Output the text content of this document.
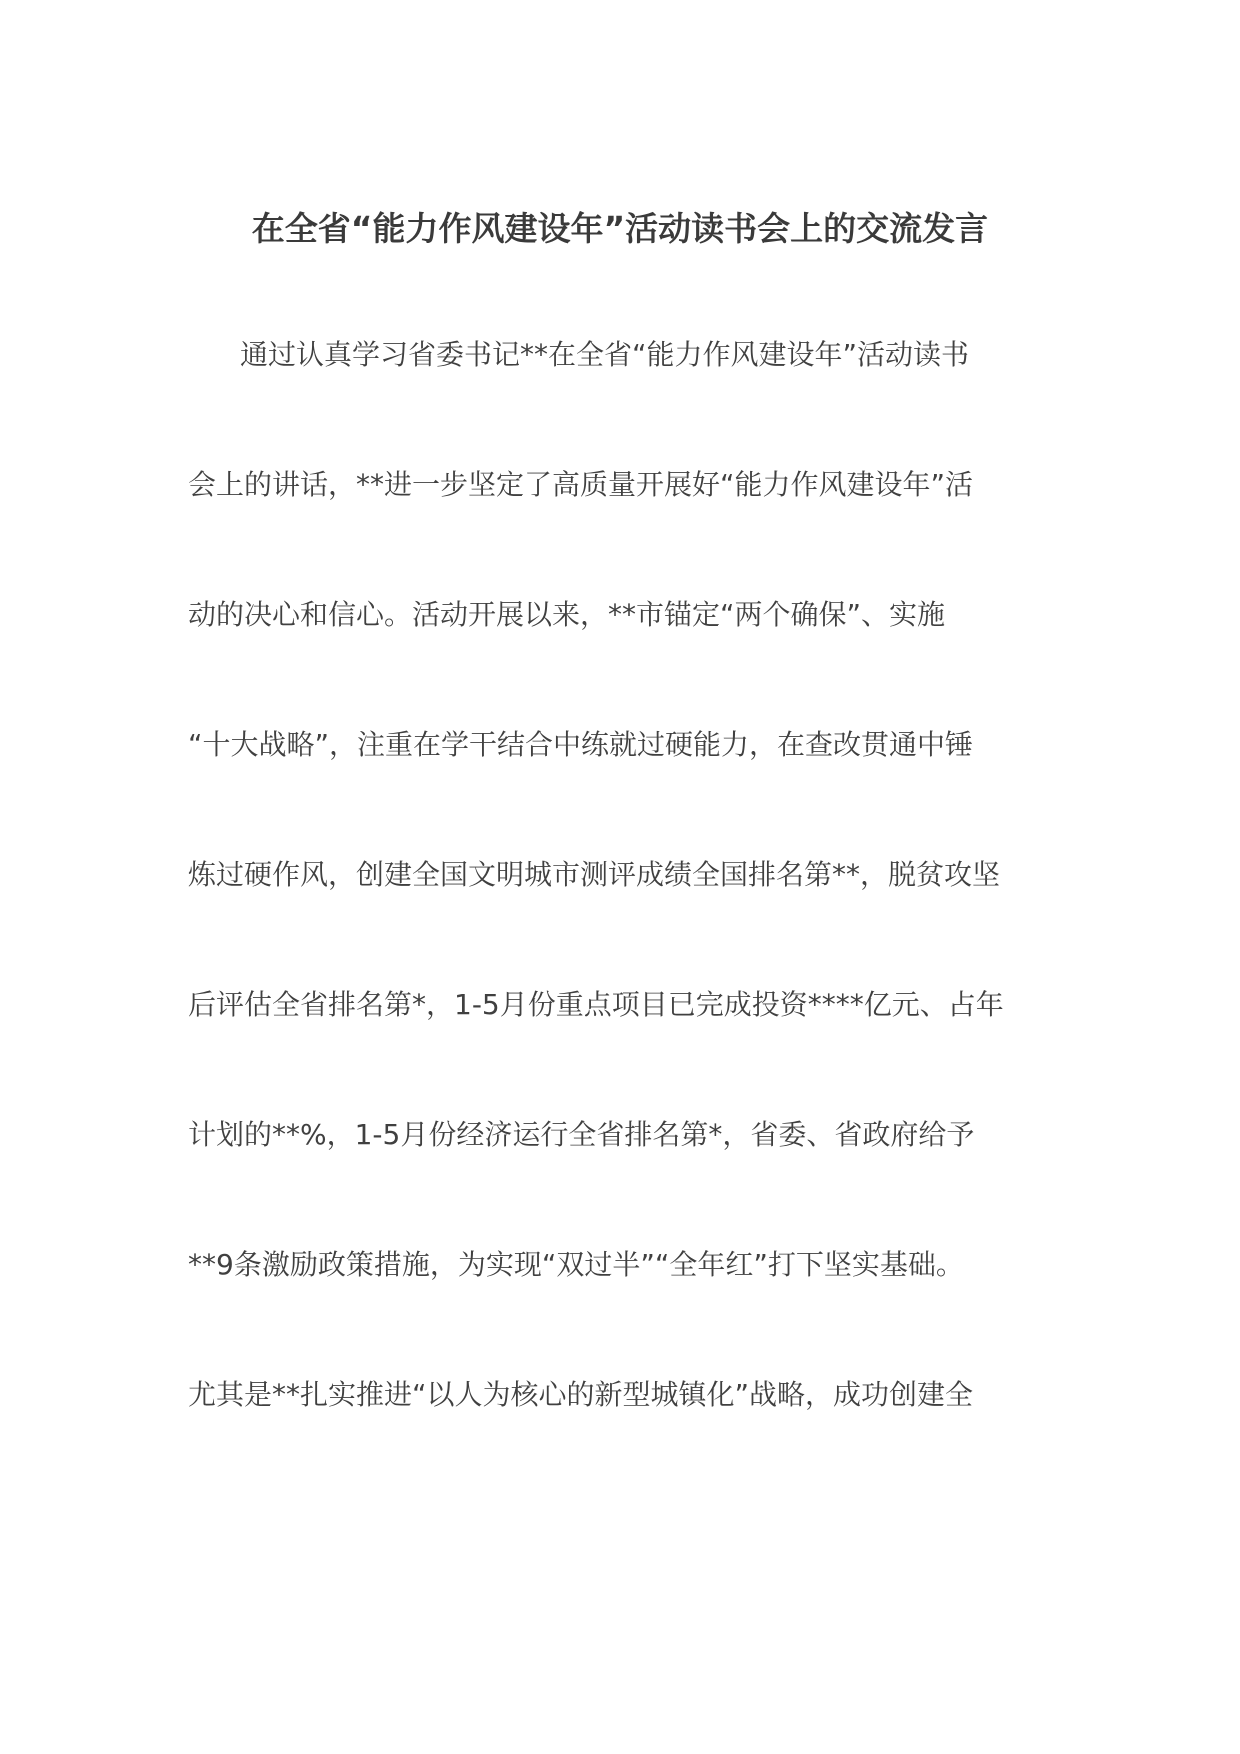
在全省“能力作风建设年”活动读书会上的交流发言
通过认真学习省委书记**在全省“能力作风建设年”活动读书
会上的讲话，**进一步坚定了高质量开展好“能力作风建设年”活
动的决心和信心。活动开展以来，**市锚定“两个确保”、实施
“十大战略”，注重在学干结合中练就过硬能力，在查改贯通中锤
炼过硬作风，创建全国文明城市测评成绩全国排名第**，脱贫攻坚
后评估全省排名第*，1-5月份重点项目已完成投资****亿元、占年
计划的**%，1-5月份经济运行全省排名第*，省委、省政府给予
**9条激励政策措施，为实现“双过半”“全年红”打下坚实基础。
尤其是**扎实推进“以人为核心的新型城镇化”战略，成功创建全
